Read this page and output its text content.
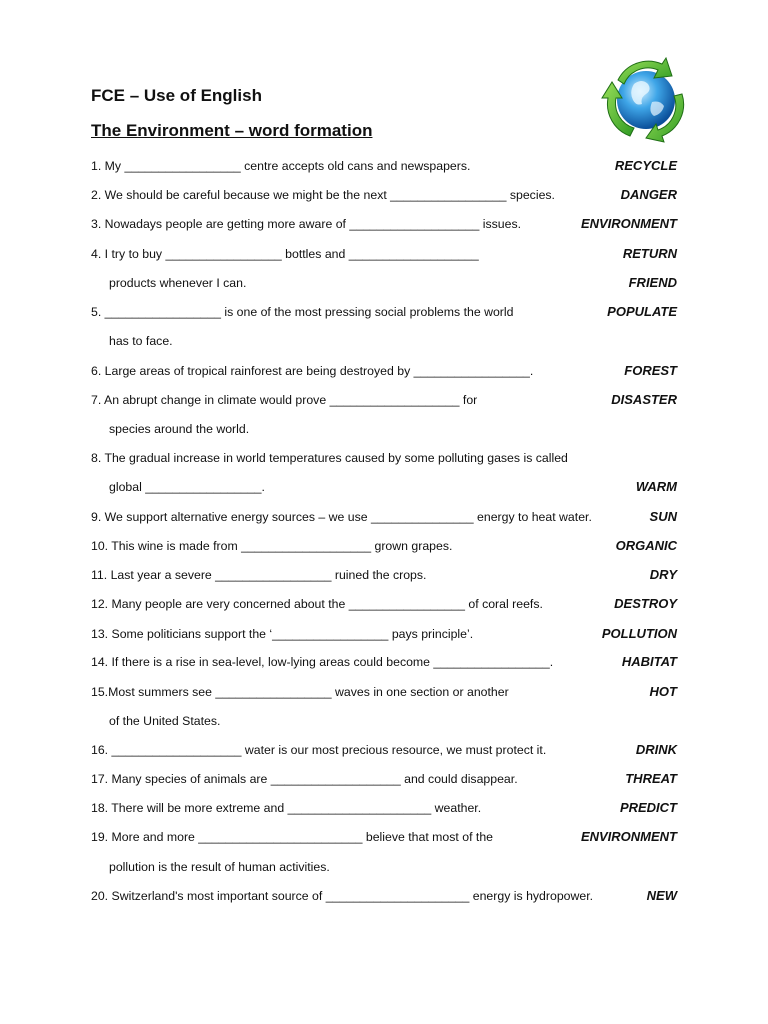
FCE – Use of English
The Environment – word formation
1. My _________________ centre accepts old cans and newspapers.	RECYCLE
2. We should be careful because we might be the next _________________ species.	DANGER
3. Nowadays people are getting more aware of ___________________ issues.	ENVIRONMENT
4. I try to buy _________________ bottles and ___________________	RETURN
products whenever I can.	FRIEND
5. _________________ is one of the most pressing social problems the world	POPULATE
has to face.
6. Large areas of tropical rainforest are being destroyed by _________________.	FOREST
7. An abrupt change in climate would prove ___________________ for	DISASTER
species around the world.
8. The gradual increase in world temperatures caused by some polluting gases is called
global _________________.	WARM
9. We support alternative energy sources – we use _______________ energy to heat water.	SUN
10. This wine is made from ___________________ grown grapes.	ORGANIC
11. Last year a severe _________________ ruined the crops.	DRY
12. Many people are very concerned about the _________________ of coral reefs.	DESTROY
13. Some politicians support the ‘_________________ pays principle’.	POLLUTION
14. If there is a rise in sea-level, low-lying areas could become _________________.	HABITAT
15.Most summers see _________________ waves in one section or another	HOT
of the United States.
16. ___________________ water is our most precious resource, we must protect it.	DRINK
17. Many species of animals are ___________________ and could disappear.	THREAT
18. There will be more extreme and _____________________ weather.	PREDICT
19. More and more ________________________ believe that most of the	ENVIRONMENT
pollution is the result of human activities.
20. Switzerland's most important source of _____________________ energy is hydropower.	NEW
